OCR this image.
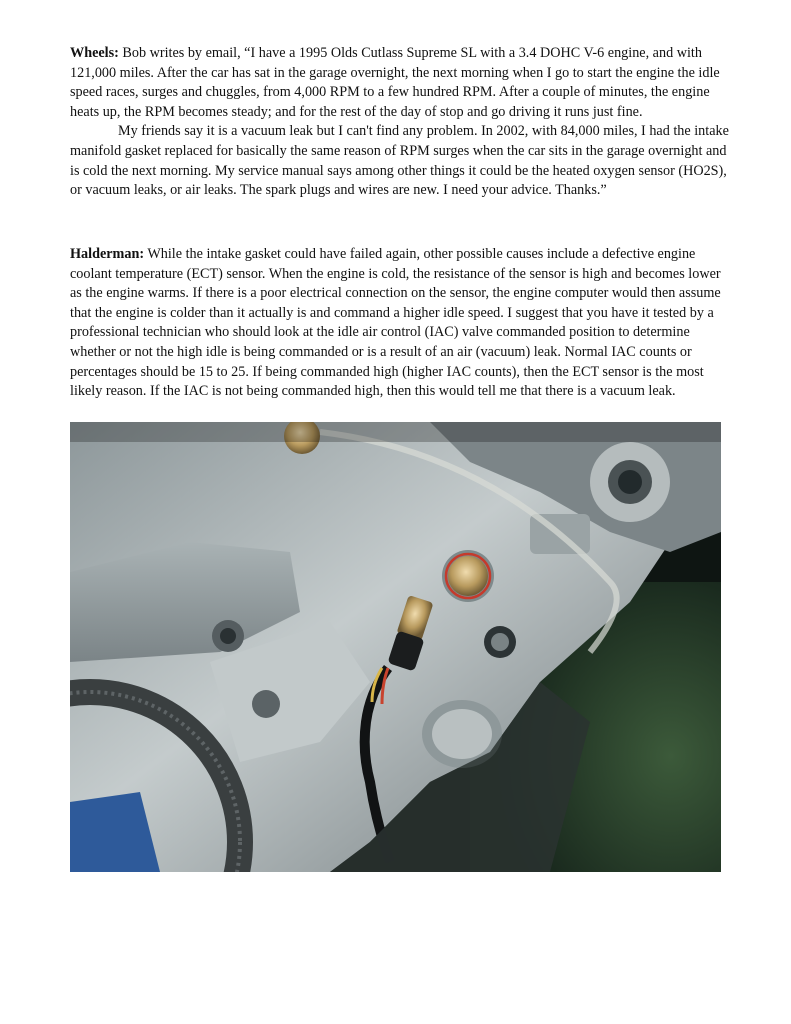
Wheels: Bob writes by email, “I have a 1995 Olds Cutlass Supreme SL with a 3.4 DOHC V-6 engine, and with 121,000 miles. After the car has sat in the garage overnight, the next morning when I go to start the engine the idle speed races, surges and chuggles, from 4,000 RPM to a few hundred RPM. After a couple of minutes, the engine heats up, the RPM becomes steady; and for the rest of the day of stop and go driving it runs just fine.

My friends say it is a vacuum leak but I can't find any problem. In 2002, with 84,000 miles, I had the intake manifold gasket replaced for basically the same reason of RPM surges when the car sits in the garage overnight and is cold the next morning. My service manual says among other things it could be the heated oxygen sensor (HO2S), or vacuum leaks, or air leaks. The spark plugs and wires are new. I need your advice. Thanks.”

Halderman: While the intake gasket could have failed again, other possible causes include a defective engine coolant temperature (ECT) sensor. When the engine is cold, the resistance of the sensor is high and becomes lower as the engine warms. If there is a poor electrical connection on the sensor, the engine computer would then assume that the engine is colder than it actually is and command a higher idle speed. I suggest that you have it tested by a professional technician who should look at the idle air control (IAC) valve commanded position to determine whether or not the high idle is being commanded or is a result of an air (vacuum) leak. Normal IAC counts or percentages should be 15 to 25. If being commanded high (higher IAC counts), then the ECT sensor is the most likely reason. If the IAC is not being commanded high, then this would tell me that there is a vacuum leak.
